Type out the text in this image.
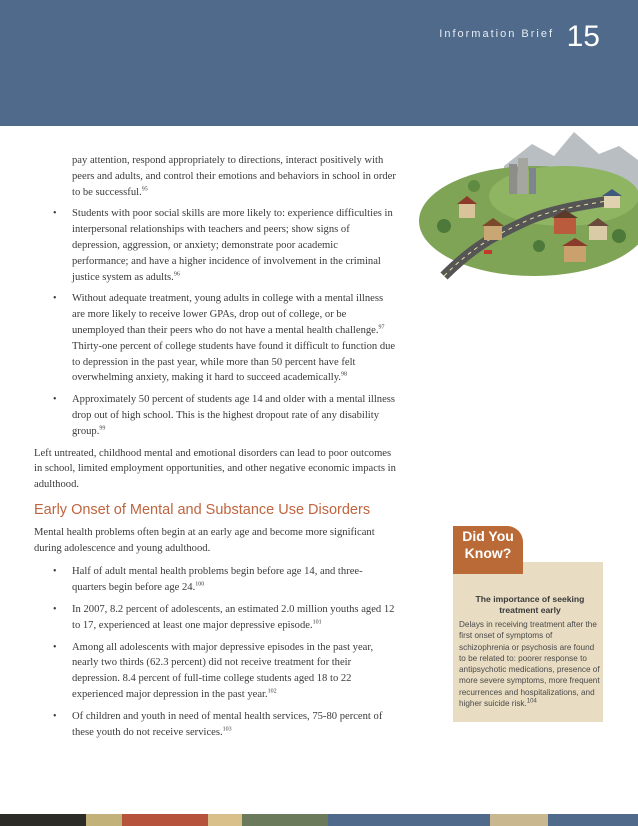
Information Brief 15
pay attention, respond appropriately to directions, interact positively with peers and adults, and control their emotions and behaviors in school in order to be successful.$^{95}$
• Students with poor social skills are more likely to: experience difficulties in interpersonal relationships with teachers and peers; show signs of depression, aggression, or anxiety; demonstrate poor academic performance; and have a higher incidence of involvement in the criminal justice system as adults.$^{96}$
• Without adequate treatment, young adults in college with a mental illness are more likely to receive lower GPAs, drop out of college, or be unemployed than their peers who do not have a mental health challenge.$^{97}$ Thirty-one percent of college students have found it difficult to function due to depression in the past year, while more than 50 percent have felt overwhelming anxiety, making it hard to succeed academically.$^{98}$
• Approximately 50 percent of students age 14 and older with a mental illness drop out of high school. This is the highest dropout rate of any disability group.$^{99}$

Left untreated, childhood mental and emotional disorders can lead to poor outcomes in school, limited employment opportunities, and other negative economic impacts in adulthood.

Early Onset of Mental and Substance Use Disorders

Mental health problems often begin at an early age and become more significant during adolescence and young adulthood.

• Half of adult mental health problems begin before age 14, and three-quarters begin before age 24.$^{100}$
• In 2007, 8.2 percent of adolescents, an estimated 2.0 million youths aged 12 to 17, experienced at least one major depressive episode.$^{101}$
• Among all adolescents with major depressive episodes in the past year, nearly two thirds (62.3 percent) did not receive treatment for their depression. 8.4 percent of full-time college students aged 18 to 22 experienced major depression in the past year.$^{102}$
• Of children and youth in need of mental health services, 75-80 percent of these youth do not receive services.$^{103}$
Did You
Know?
The importance of seeking treatment early
Delays in receiving treatment after the first onset of symptoms of schizophrenia or psychosis are found to be related to: poorer response to antipsychotic medications, presence of more severe symptoms, more frequent recurrences and hospitalizations, and higher suicide risk.$^{104}$
